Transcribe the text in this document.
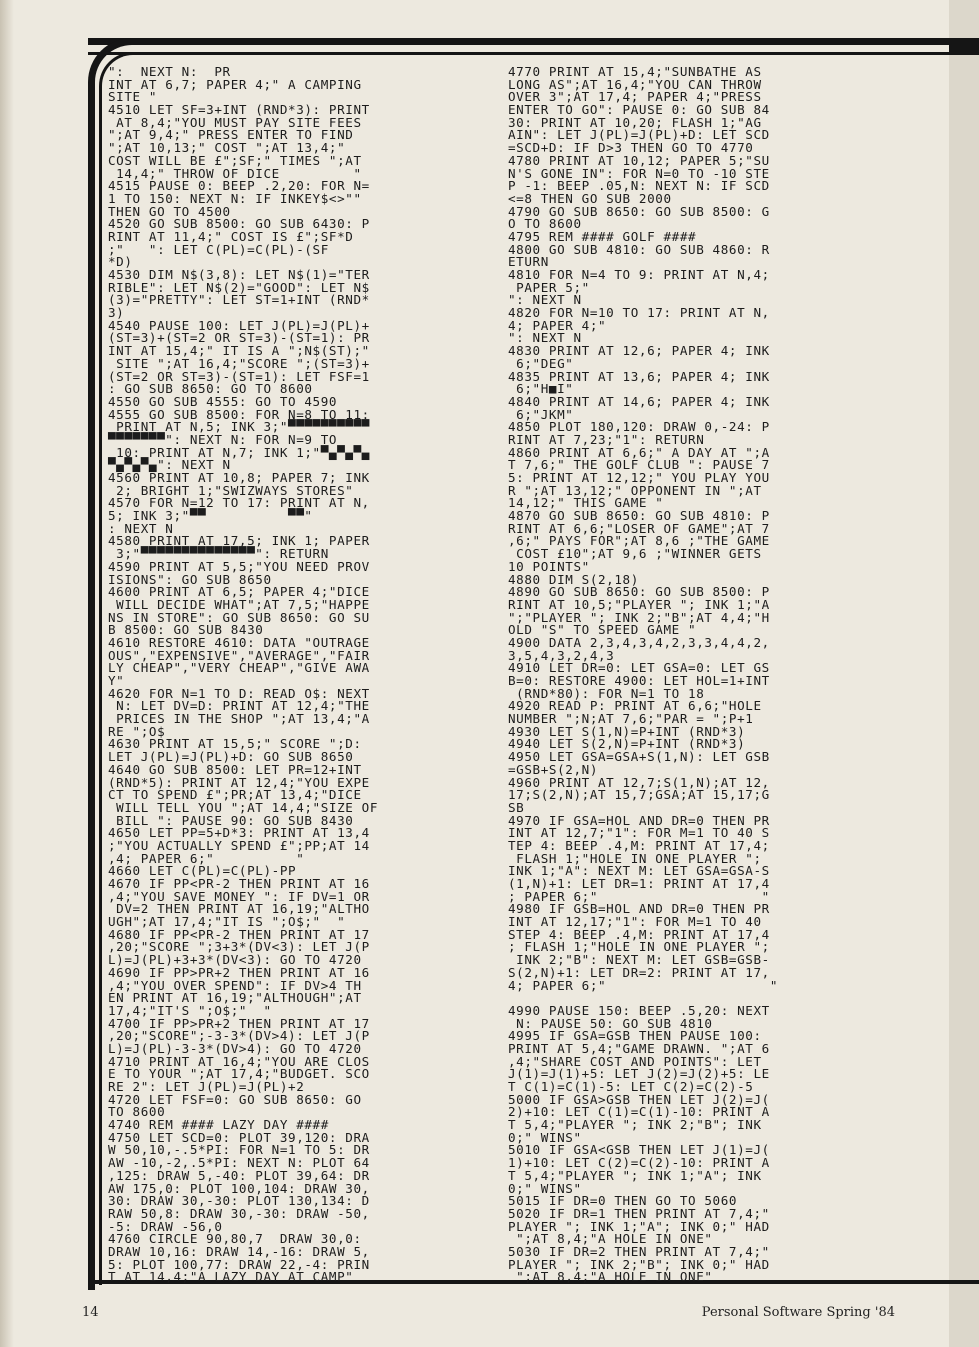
":  NEXT N:  PR
INT AT 6,7; PAPER 4;" A CAMPING
SITE "
4510 LET SF=3+INT (RND*3): PRINT
AT 8,4;"YOU MUST PAY SITE FEES
";AT 9,4;" PRESS ENTER TO FIND
";AT 10,13;" COST ";AT 13,4;"
COST WILL BE £";SF;" TIMES ";AT
14,4;" THROW OF DICE         "
4515 PAUSE 0: BEEP .2,20: FOR N=
1 TO 150: NEXT N: IF INKEY$<>""
THEN GO TO 4500
4520 GO SUB 8500: GO SUB 6430: P
RINT AT 11,4;" COST IS £";SF*D
;"   ": LET C(PL)=C(PL)-(SF
*D)
4530 DIM N$(3,8): LET N$(1)="TER
RIBLE": LET N$(2)="GOOD": LET N$
(3)="PRETTY": LET ST=1+INT (RND*
3)
4540 PAUSE 100: LET J(PL)=J(PL)+
(ST=3)+(ST=2 OR ST=3)-(ST=1): PR
INT AT 15,4;" IT IS A ";N$(ST);"
SITE ";AT 16,4;"SCORE ";(ST=3)+
(ST=2 OR ST=3)-(ST=1): LET FSF=1
: GO SUB 8650: GO TO 8600
4550 GO SUB 4555: GO TO 4590
4555 GO SUB 8500: FOR N=8 TO 11:
PRINT AT N,5; INK 3;"▀▀▀▀▀▀▀▀▀▀
▀▀▀▀▀▀▀": NEXT N: FOR N=9 TO
10: PRINT AT N,7; INK 1;"▀▄▀▄▀▄
▀▄▀▄▀▄": NEXT N
4560 PRINT AT 10,8; PAPER 7; INK
2; BRIGHT 1;"SWIZWAYS STORES"
4570 FOR N=12 TO 17: PRINT AT N,
5; INK 3;"▀▀          ▀▀"
: NEXT N
4580 PRINT AT 17,5; INK 1; PAPER
3;"▀▀▀▀▀▀▀▀▀▀▀▀▀▀": RETURN
4590 PRINT AT 5,5;"YOU NEED PROV
ISIONS": GO SUB 8650
4600 PRINT AT 6,5; PAPER 4;"DICE
WILL DECIDE WHAT";AT 7,5;"HAPPE
NS IN STORE": GO SUB 8650: GO SU
B 8500: GO SUB 8430
4610 RESTORE 4610: DATA "OUTRAGE
OUS","EXPENSIVE","AVERAGE","FAIR
LY CHEAP","VERY CHEAP","GIVE AWA
Y"
4620 FOR N=1 TO D: READ O$: NEXT
N: LET DV=D: PRINT AT 12,4;"THE
PRICES IN THE SHOP ";AT 13,4;"A
RE ";O$
4630 PRINT AT 15,5;" SCORE ";D:
LET J(PL)=J(PL)+D: GO SUB 8650
4640 GO SUB 8500: LET PR=12+INT
(RND*5): PRINT AT 12,4;"YOU EXPE
CT TO SPEND £";PR;AT 13,4;"DICE
WILL TELL YOU ";AT 14,4;"SIZE OF
BILL ": PAUSE 90: GO SUB 8430
4650 LET PP=5+D*3: PRINT AT 13,4
;"YOU ACTUALLY SPEND £";PP;AT 14
,4; PAPER 6;"          "
4660 LET C(PL)=C(PL)-PP
4670 IF PP<PR-2 THEN PRINT AT 16
,4;"YOU SAVE MONEY ": IF DV=1 OR
DV=2 THEN PRINT AT 16,19;"ALTHO
UGH";AT 17,4;"IT IS ";O$;"  "
4680 IF PP<PR-2 THEN PRINT AT 17
,20;"SCORE ";3+3*(DV<3): LET J(P
L)=J(PL)+3+3*(DV<3): GO TO 4720
4690 IF PP>PR+2 THEN PRINT AT 16
,4;"YOU OVER SPEND": IF DV>4 TH
EN PRINT AT 16,19;"ALTHOUGH";AT
17,4;"IT'S ";O$;"  "
4700 IF PP>PR+2 THEN PRINT AT 17
,20;"SCORE";-3-3*(DV>4): LET J(P
L)=J(PL)-3-3*(DV>4): GO TO 4720
4710 PRINT AT 16,4;"YOU ARE CLOS
E TO YOUR ";AT 17,4;"BUDGET. SCO
RE 2": LET J(PL)=J(PL)+2
4720 LET FSF=0: GO SUB 8650: GO
TO 8600
4740 REM #### LAZY DAY ####
4750 LET SCD=0: PLOT 39,120: DRA
W 50,10,-.5*PI: FOR N=1 TO 5: DR
AW -10,-2,.5*PI: NEXT N: PLOT 64
,125: DRAW 5,-40: PLOT 39,64: DR
AW 175,0: PLOT 100,104: DRAW 30,
30: DRAW 30,-30: PLOT 130,134: D
RAW 50,8: DRAW 30,-30: DRAW -50,
-5: DRAW -56,0
4760 CIRCLE 90,80,7  DRAW 30,0:
DRAW 10,16: DRAW 14,-16: DRAW 5,
5: PLOT 100,77: DRAW 22,-4: PRIN
T AT 14,4;"A LAZY DAY AT CAMP"
4770 PRINT AT 15,4;"SUNBATHE AS
LONG AS";AT 16,4;"YOU CAN THROW
OVER 3";AT 17,4; PAPER 4;"PRESS
ENTER TO GO": PAUSE 0: GO SUB 84
30: PRINT AT 10,20; FLASH 1;"AG
AIN": LET J(PL)=J(PL)+D: LET SCD
=SCD+D: IF D>3 THEN GO TO 4770
4780 PRINT AT 10,12; PAPER 5;"SU
N'S GONE IN": FOR N=0 TO -10 STE
P -1: BEEP .05,N: NEXT N: IF SCD
<=8 THEN GO SUB 2000
4790 GO SUB 8650: GO SUB 8500: G
O TO 8600
4795 REM #### GOLF ####
4800 GO SUB 4810: GO SUB 4860: R
ETURN
4810 FOR N=4 TO 9: PRINT AT N,4;
PAPER 5;"
": NEXT N
4820 FOR N=10 TO 17: PRINT AT N,
4; PAPER 4;"
": NEXT N
4830 PRINT AT 12,6; PAPER 4; INK
6;"DEG"
4835 PRINT AT 13,6; PAPER 4; INK
6;"H■I"
4840 PRINT AT 14,6; PAPER 4; INK
6;"JKM"
4850 PLOT 180,120: DRAW 0,-24: P
RINT AT 7,23;"1": RETURN
4860 PRINT AT 6,6;" A DAY AT ";A
T 7,6;" THE GOLF CLUB ": PAUSE 7
5: PRINT AT 12,12;" YOU PLAY YOU
R ";AT 13,12;" OPPONENT IN ";AT
14,12;" THIS GAME "
4870 GO SUB 8650: GO SUB 4810: P
RINT AT 6,6;"LOSER OF GAME";AT 7
,6;" PAYS FOR";AT 8,6 ;"THE GAME
COST £10";AT 9,6 ;"WINNER GETS
10 POINTS"
4880 DIM S(2,18)
4890 GO SUB 8650: GO SUB 8500: P
RINT AT 10,5;"PLAYER "; INK 1;"A
";"PLAYER "; INK 2;"B";AT 4,4;"H
OLD "S" TO SPEED GAME "
4900 DATA 2,3,4,3,4,2,3,3,4,4,2,
3,5,4,3,2,4,3
4910 LET DR=0: LET GSA=0: LET GS
B=0: RESTORE 4900: LET HOL=1+INT
(RND*80): FOR N=1 TO 18
4920 READ P: PRINT AT 6,6;"HOLE
NUMBER ";N;AT 7,6;"PAR = ";P+1
4930 LET S(1,N)=P+INT (RND*3)
4940 LET S(2,N)=P+INT (RND*3)
4950 LET GSA=GSA+S(1,N): LET GSB
=GSB+S(2,N)
4960 PRINT AT 12,7;S(1,N);AT 12,
17;S(2,N);AT 15,7;GSA;AT 15,17;G
SB
4970 IF GSA=HOL AND DR=0 THEN PR
INT AT 12,7;"1": FOR M=1 TO 40 S
TEP 4: BEEP .4,M: PRINT AT 17,4;
FLASH 1;"HOLE IN ONE PLAYER ";
INK 1;"A": NEXT M: LET GSA=GSA-S
(1,N)+1: LET DR=1: PRINT AT 17,4
; PAPER 6;"                    "
4980 IF GSB=HOL AND DR=0 THEN PR
INT AT 12,17;"1": FOR M=1 TO 40
STEP 4: BEEP .4,M: PRINT AT 17,4
; FLASH 1;"HOLE IN ONE PLAYER ";
INK 2;"B": NEXT M: LET GSB=GSB-
S(2,N)+1: LET DR=2: PRINT AT 17,
4; PAPER 6;"                    "
4990 PAUSE 150: BEEP .5,20: NEXT
N: PAUSE 50: GO SUB 4810
4995 IF GSA=GSB THEN PAUSE 100:
PRINT AT 5,4;"GAME DRAWN. ";AT 6
,4;"SHARE COST AND POINTS": LET
J(1)=J(1)+5: LET J(2)=J(2)+5: LE
T C(1)=C(1)-5: LET C(2)=C(2)-5
5000 IF GSA>GSB THEN LET J(2)=J(
2)+10: LET C(1)=C(1)-10: PRINT A
T 5,4;"PLAYER "; INK 2;"B"; INK
0;" WINS"
5010 IF GSA<GSB THEN LET J(1)=J(
1)+10: LET C(2)=C(2)-10: PRINT A
T 5,4;"PLAYER "; INK 1;"A"; INK
0;" WINS"
5015 IF DR=0 THEN GO TO 5060
5020 IF DR=1 THEN PRINT AT 7,4;"
PLAYER "; INK 1;"A"; INK 0;" HAD
";AT 8,4;"A HOLE IN ONE"
5030 IF DR=2 THEN PRINT AT 7,4;"
PLAYER "; INK 2;"B"; INK 0;" HAD
";AT 8,4;"A HOLE IN ONE"
14	Personal Software Spring '84
